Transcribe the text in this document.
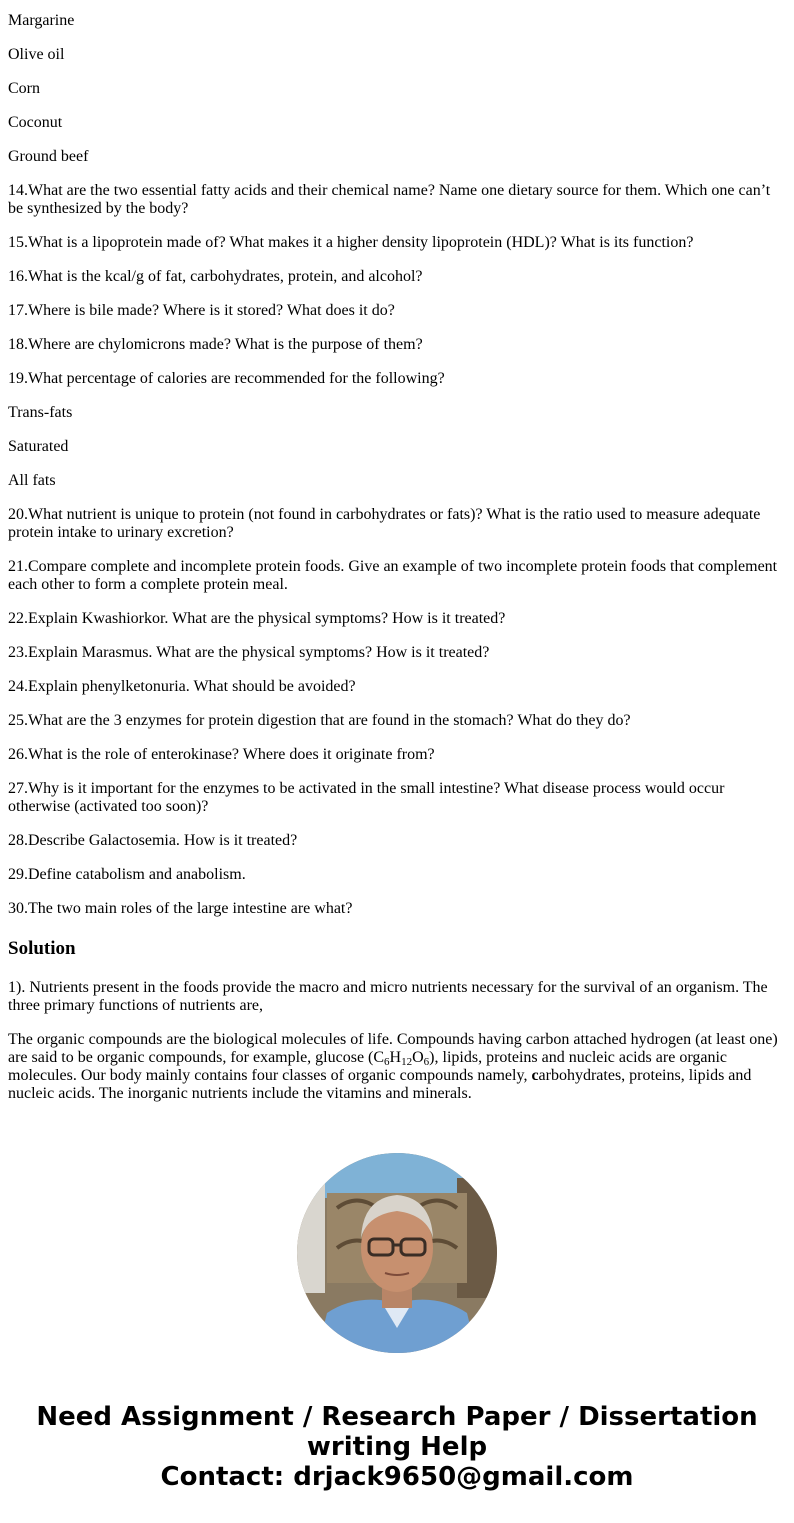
Margarine

Olive oil

Corn

Coconut

Ground beef

14.What are the two essential fatty acids and their chemical name? Name one dietary source for them. Which one can’t be synthesized by the body?

15.What is a lipoprotein made of? What makes it a higher density lipoprotein (HDL)? What is its function?

16.What is the kcal/g of fat, carbohydrates, protein, and alcohol?

17.Where is bile made? Where is it stored? What does it do?

18.Where are chylomicrons made? What is the purpose of them?

19.What percentage of calories are recommended for the following?

Trans-fats

Saturated

All fats

20.What nutrient is unique to protein (not found in carbohydrates or fats)? What is the ratio used to measure adequate protein intake to urinary excretion?

21.Compare complete and incomplete protein foods. Give an example of two incomplete protein foods that complement each other to form a complete protein meal.

22.Explain Kwashiorkor. What are the physical symptoms? How is it treated?

23.Explain Marasmus. What are the physical symptoms? How is it treated?

24.Explain phenylketonuria. What should be avoided?

25.What are the 3 enzymes for protein digestion that are found in the stomach? What do they do?

26.What is the role of enterokinase? Where does it originate from?

27.Why is it important for the enzymes to be activated in the small intestine? What disease process would occur otherwise (activated too soon)?

28.Describe Galactosemia. How is it treated?

29.Define catabolism and anabolism.

30.The two main roles of the large intestine are what?

Solution

1). Nutrients present in the foods provide the macro and micro nutrients necessary for the survival of an organism. The three primary functions of nutrients are,

The organic compounds are the biological molecules of life. Compounds having carbon attached hydrogen (at least one) are said to be organic compounds, for example, glucose $(C_6H_{12}O_6)$, lipids, proteins and nucleic acids are organic molecules. Our body mainly contains four classes of organic compounds namely, carbohydrates, proteins, lipids and nucleic acids. The inorganic nutrients include the vitamins and minerals.

Need Assignment / Research Paper / Dissertation
writing Help
Contact: drjack9650@gmail.com
